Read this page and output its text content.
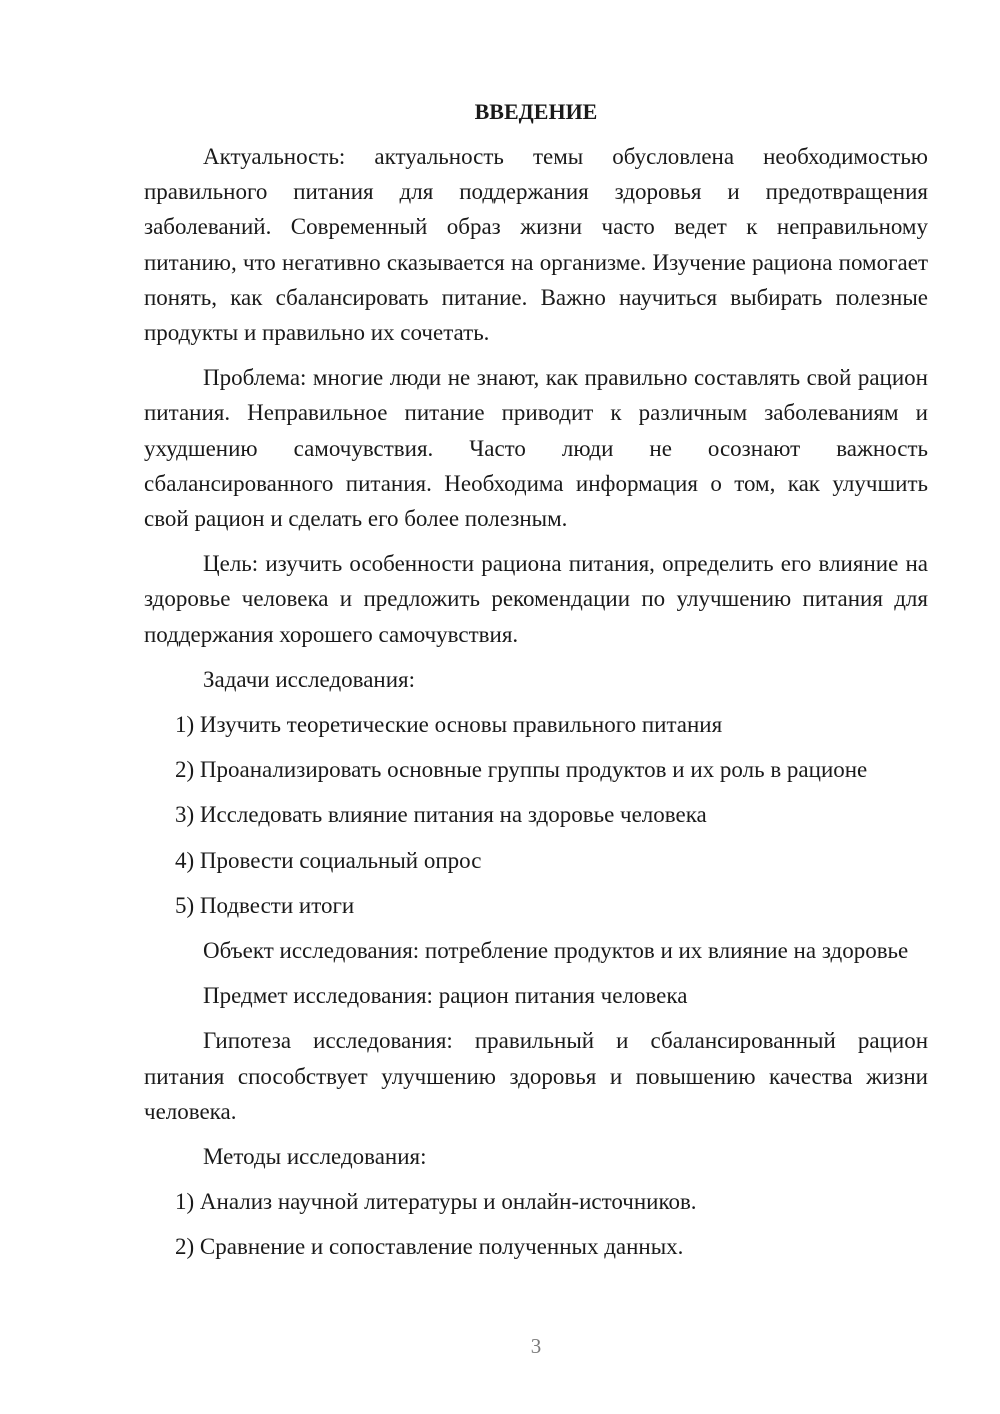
ВВЕДЕНИЕ

Актуальность: актуальность темы обусловлена необходимостью правильного питания для поддержания здоровья и предотвращения заболеваний. Современный образ жизни часто ведет к неправильному питанию, что негативно сказывается на организме. Изучение рациона помогает понять, как сбалансировать питание. Важно научиться выбирать полезные продукты и правильно их сочетать.

Проблема: многие люди не знают, как правильно составлять свой рацион питания. Неправильное питание приводит к различным заболеваниям и ухудшению самочувствия. Часто люди не осознают важность сбалансированного питания. Необходима информация о том, как улучшить свой рацион и сделать его более полезным.

Цель: изучить особенности рациона питания, определить его влияние на здоровье человека и предложить рекомендации по улучшению питания для поддержания хорошего самочувствия.

Задачи исследования:

1) Изучить теоретические основы правильного питания

2) Проанализировать основные группы продуктов и их роль в рационе

3) Исследовать влияние питания на здоровье человека

4) Провести социальный опрос

5) Подвести итоги

Объект исследования: потребление продуктов и их влияние на здоровье

Предмет исследования: рацион питания человека

Гипотеза исследования: правильный и сбалансированный рацион питания способствует улучшению здоровья и повышению качества жизни человека.

Методы исследования:

1) Анализ научной литературы и онлайн-источников.

2) Сравнение и сопоставление полученных данных.

3
